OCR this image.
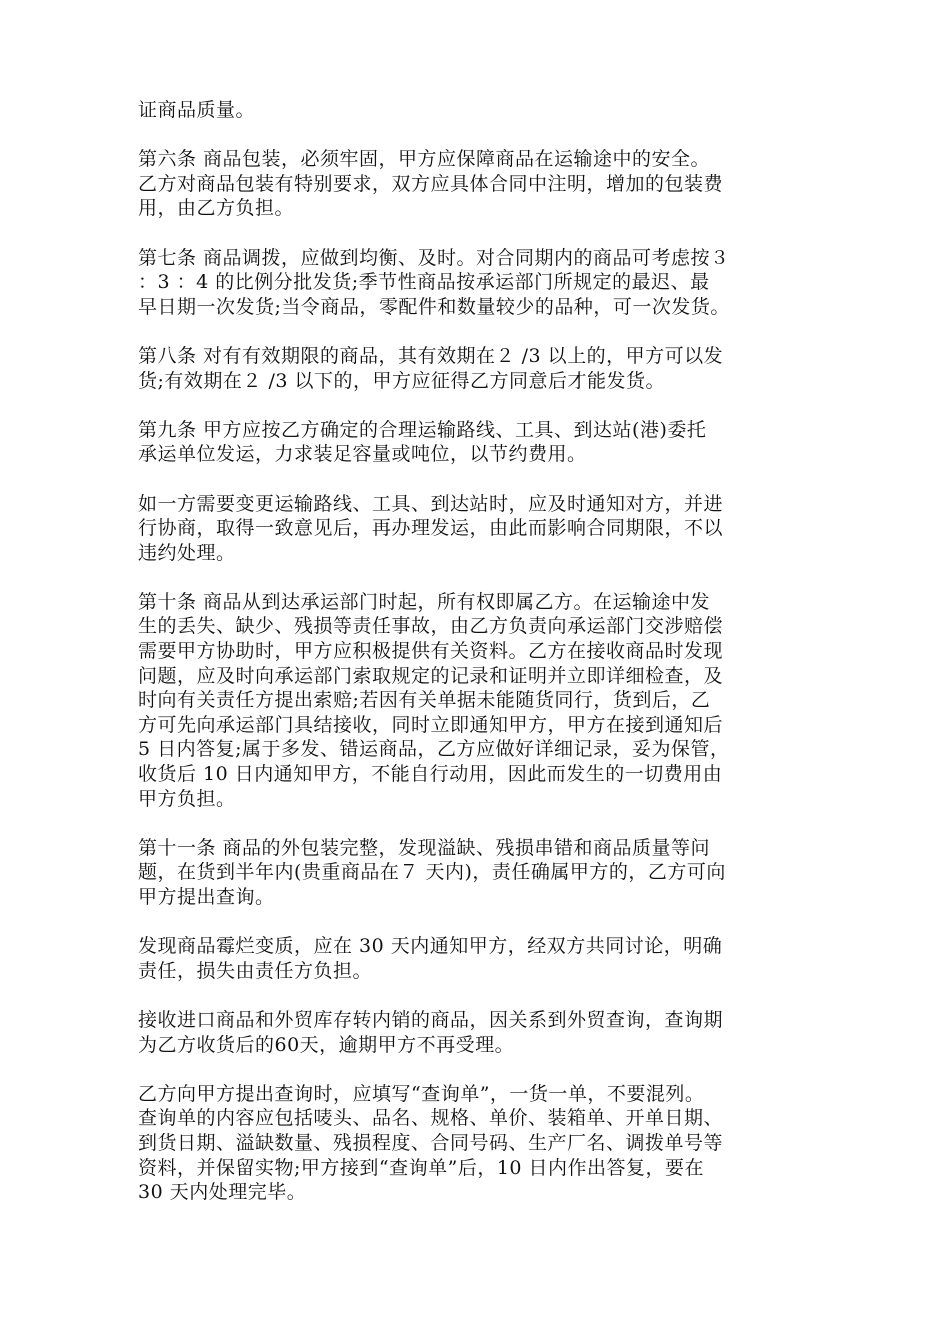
证商品质量。

第六条 商品包装，必须牢固，甲方应保障商品在运输途中的安全。
乙方对商品包装有特别要求，双方应具体合同中注明，增加的包装费
用，由乙方负担。

第七条 商品调拨，应做到均衡、及时。对合同期内的商品可考虑按３
：3 ：4 的比例分批发货;季节性商品按承运部门所规定的最迟、最
早日期一次发货;当令商品，零配件和数量较少的品种，可一次发货。

第八条 对有有效期限的商品，其有效期在２ /3 以上的，甲方可以发
货;有效期在２ /3 以下的，甲方应征得乙方同意后才能发货。

第九条 甲方应按乙方确定的合理运输路线、工具、到达站(港)委托
承运单位发运，力求装足容量或吨位，以节约费用。

如一方需要变更运输路线、工具、到达站时，应及时通知对方，并进
行协商，取得一致意见后，再办理发运，由此而影响合同期限，不以
违约处理。

第十条 商品从到达承运部门时起，所有权即属乙方。在运输途中发
生的丢失、缺少、残损等责任事故，由乙方负责向承运部门交涉赔偿
需要甲方协助时，甲方应积极提供有关资料。乙方在接收商品时发现
问题，应及时向承运部门索取规定的记录和证明并立即详细检查，及
时向有关责任方提出索赔;若因有关单据未能随货同行，货到后，乙
方可先向承运部门具结接收，同时立即通知甲方，甲方在接到通知后
5 日内答复;属于多发、错运商品，乙方应做好详细记录，妥为保管，
收货后 10 日内通知甲方，不能自行动用，因此而发生的一切费用由
甲方负担。

第十一条 商品的外包装完整，发现溢缺、残损串错和商品质量等问
题，在货到半年内(贵重商品在７ 天内)，责任确属甲方的，乙方可向
甲方提出查询。

发现商品霉烂变质，应在 30 天内通知甲方，经双方共同讨论，明确
责任，损失由责任方负担。

接收进口商品和外贸库存转内销的商品，因关系到外贸查询，查询期
为乙方收货后的60天，逾期甲方不再受理。

乙方向甲方提出查询时，应填写“查询单”，一货一单，不要混列。
查询单的内容应包括唛头、品名、规格、单价、装箱单、开单日期、
到货日期、溢缺数量、残损程度、合同号码、生产厂名、调拨单号等
资料，并保留实物;甲方接到“查询单”后，10 日内作出答复，要在
30 天内处理完毕。
